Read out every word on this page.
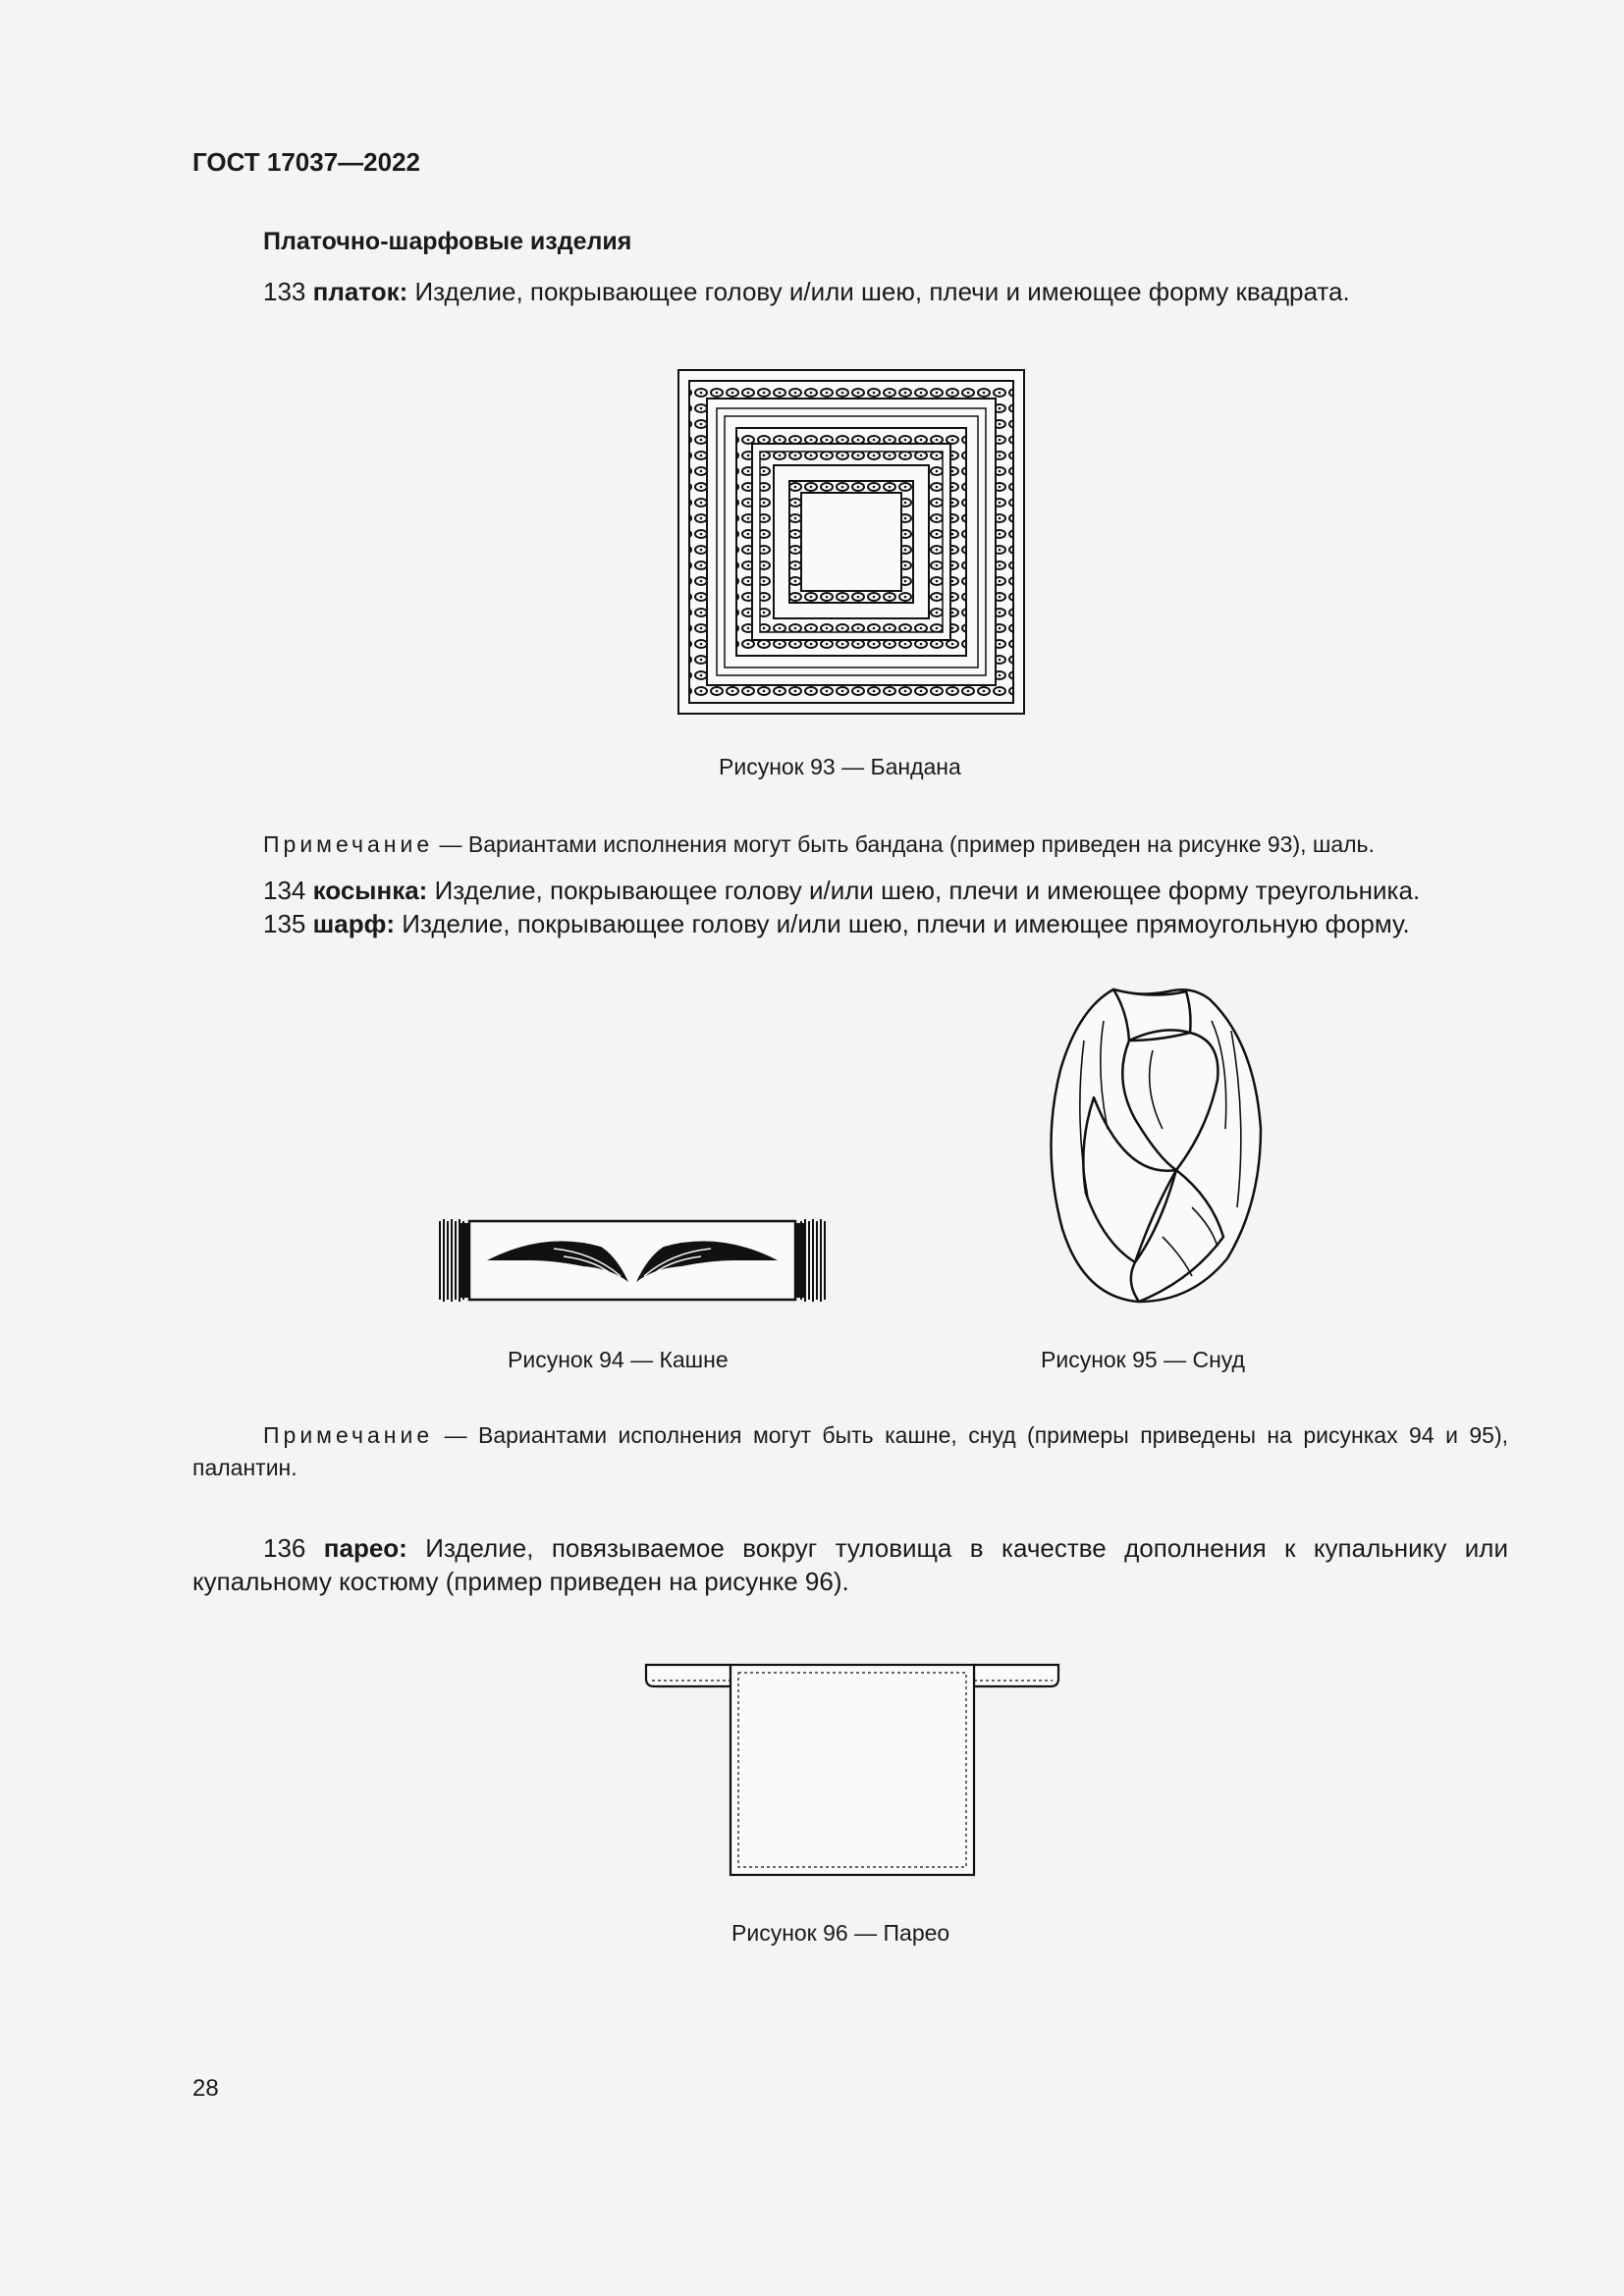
ГОСТ 17037—2022
Платочно-шарфовые изделия
133 платок: Изделие, покрывающее голову и/или шею, плечи и имеющее форму квадрата.
Рисунок 93 — Бандана
Примечание — Вариантами исполнения могут быть бандана (пример приведен на рисунке 93), шаль.
134 косынка: Изделие, покрывающее голову и/или шею, плечи и имеющее форму треугольника.
135 шарф: Изделие, покрывающее голову и/или шею, плечи и имеющее прямоугольную форму.
Рисунок 94 — Кашне	Рисунок 95 — Снуд
Примечание — Вариантами исполнения могут быть кашне, снуд (примеры приведены на рисунках 94 и 95), палантин.
136 парео: Изделие, повязываемое вокруг туловища в качестве дополнения к купальнику или купальному костюму (пример приведен на рисунке 96).
Рисунок 96 — Парео
28
